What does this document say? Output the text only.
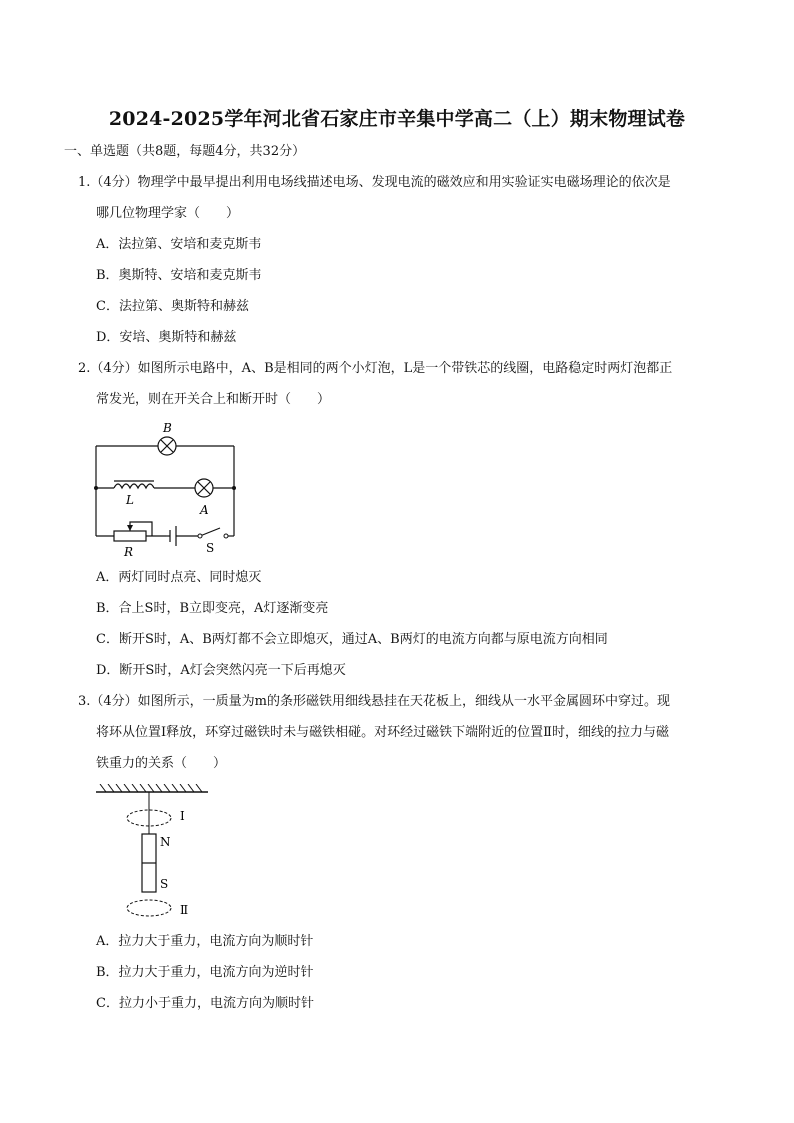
2024-2025学年河北省石家庄市辛集中学高二（上）期末物理试卷
一、单选题（共8题，每题4分，共32分）
1.（4分）物理学中最早提出利用电场线描述电场、发现电流的磁效应和用实验证实电磁场理论的依次是
哪几位物理学家（　　）
A．法拉第、安培和麦克斯韦
B．奥斯特、安培和麦克斯韦
C．法拉第、奥斯特和赫兹
D．安培、奥斯特和赫兹
2.（4分）如图所示电路中，A、B是相同的两个小灯泡，L是一个带铁芯的线圈，电路稳定时两灯泡都正
常发光，则在开关合上和断开时（　　）
B
L
A
R	S
A．两灯同时点亮、同时熄灭
B．合上S时，B立即变亮，A灯逐渐变亮
C．断开S时，A、B两灯都不会立即熄灭，通过A、B两灯的电流方向都与原电流方向相同
D．断开S时，A灯会突然闪亮一下后再熄灭
3.（4分）如图所示，一质量为m的条形磁铁用细线悬挂在天花板上，细线从一水平金属圆环中穿过。现
将环从位置Ⅰ释放，环穿过磁铁时未与磁铁相碰。对环经过磁铁下端附近的位置Ⅱ时，细线的拉力与磁
铁重力的关系（　　）
Ⅰ
N
S
Ⅱ
A．拉力大于重力，电流方向为顺时针
B．拉力大于重力，电流方向为逆时针
C．拉力小于重力，电流方向为顺时针
